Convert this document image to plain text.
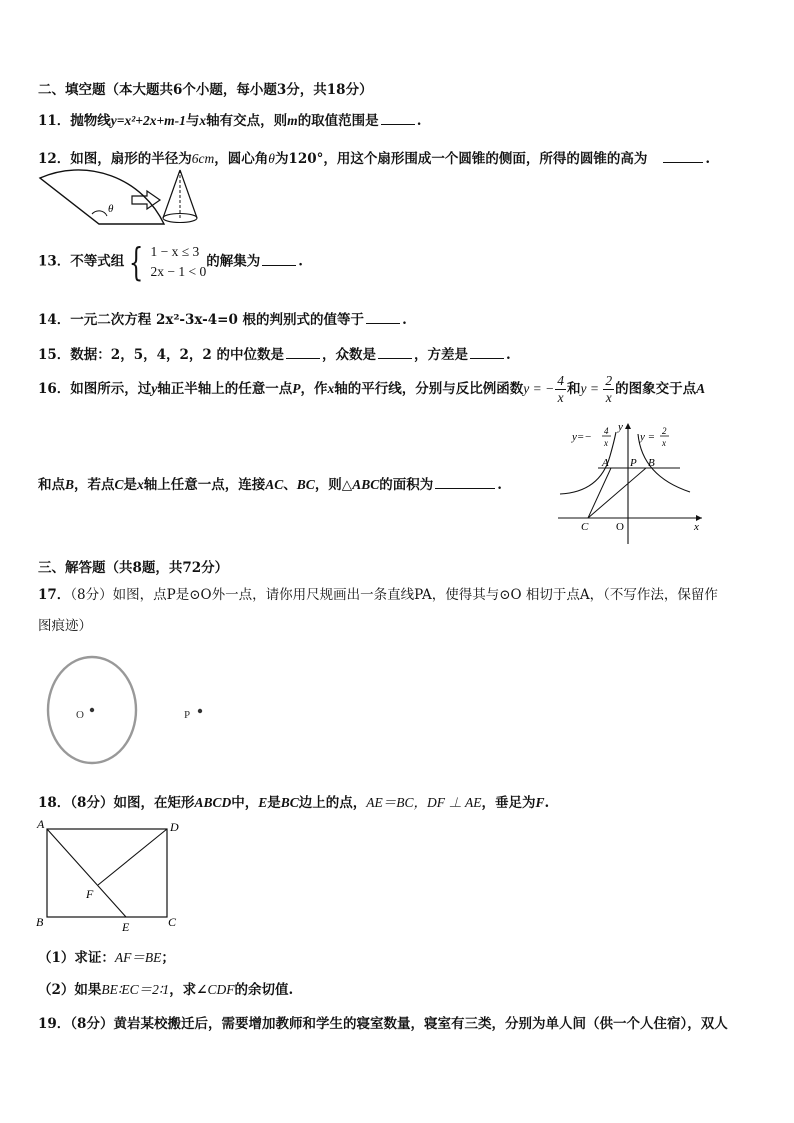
二、填空题（本大题共6个小题，每小题3分，共18分）
11．抛物线y=x²+2x+m-1与x轴有交点，则m的取值范围是	.
12．如图，扇形的半径为6cm，圆心角θ为120°，用这个扇形围成一个圆锥的侧面，所得的圆锥的高为	.
θ
13．不等式组 { 1 − x ≤ 3
2x − 1 < 0
的解集为	.
14．一元二次方程 2x²-3x-4=0 根的判别式的值等于	.
15．数据：2，5，4，2，2 的中位数是	，众数是	，方差是	.
16．如图所示，过y轴正半轴上的任意一点P，作x轴的平行线，分别与反比例函数y = − $\frac{4}{x}$ 和$y = \frac{2}{x}$ 的图象交于点A
和点B，若点C是x轴上任意一点，连接AC、BC，则△ABC的面积为	.
y=− 4
x	y = 2
x
y
A P B
C	O	x
三、解答题（共8题，共72分）
17．（8分）如图，点P是⊙O外一点，请你用尺规画出一条直线PA，使得其与⊙O 相切于点A，（不写作法，保留作
图痕迹）
O	P
18．（8分）如图，在矩形ABCD中，E是BC边上的点，AE＝BC，DF ⊥ AE，垂足为F.
A	D
B	C
E
F
（1）求证：AF＝BE；
（2）如果BE∶EC＝2∶1，求∠CDF的余切值.
19．（8分）黄岩某校搬迁后，需要增加教师和学生的寝室数量，寝室有三类，分别为单人间（供一个人住宿），双人
